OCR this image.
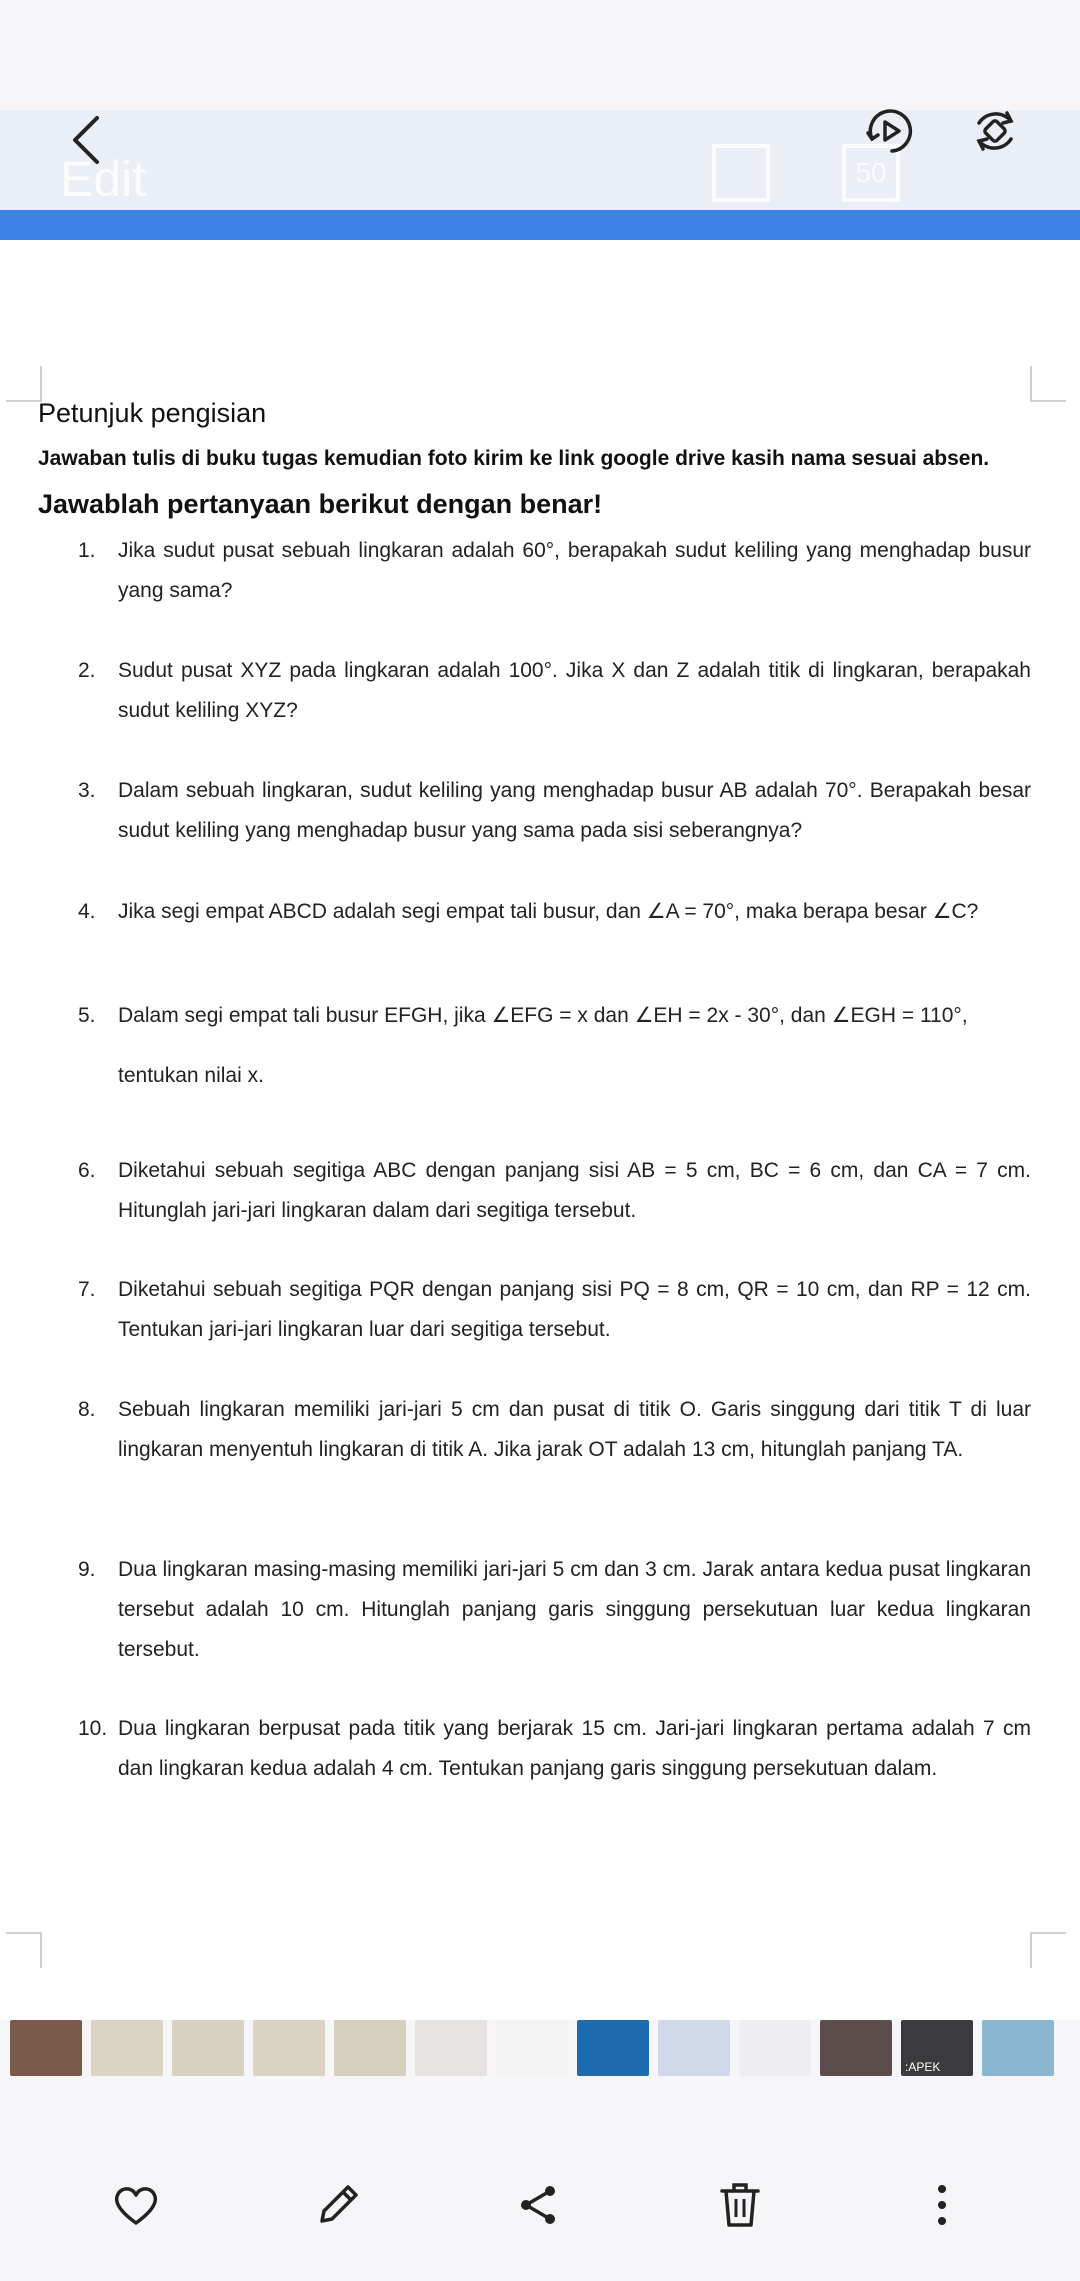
Edit	50
Petunjuk pengisian
Jawaban tulis di buku tugas kemudian foto kirim ke link google drive kasih nama sesuai absen.
Jawablah pertanyaan berikut dengan benar!
1. Jika sudut pusat sebuah lingkaran adalah 60°, berapakah sudut keliling yang menghadap busur yang sama?
2. Sudut pusat XYZ pada lingkaran adalah 100°. Jika X dan Z adalah titik di lingkaran, berapakah sudut keliling XYZ?
3. Dalam sebuah lingkaran, sudut keliling yang menghadap busur AB adalah 70°. Berapakah besar sudut keliling yang menghadap busur yang sama pada sisi seberangnya?
4. Jika segi empat ABCD adalah segi empat tali busur, dan ∠A = 70°, maka berapa besar ∠C?
5. Dalam segi empat tali busur EFGH, jika ∠EFG = x dan ∠EH = 2x - 30°, dan ∠EGH = 110°,
tentukan nilai x.
6. Diketahui sebuah segitiga ABC dengan panjang sisi AB = 5 cm, BC = 6 cm, dan CA = 7 cm. Hitunglah jari-jari lingkaran dalam dari segitiga tersebut.
7. Diketahui sebuah segitiga PQR dengan panjang sisi PQ = 8 cm, QR = 10 cm, dan RP = 12 cm. Tentukan jari-jari lingkaran luar dari segitiga tersebut.
8. Sebuah lingkaran memiliki jari-jari 5 cm dan pusat di titik O. Garis singgung dari titik T di luar lingkaran menyentuh lingkaran di titik A. Jika jarak OT adalah 13 cm, hitunglah panjang TA.
9. Dua lingkaran masing-masing memiliki jari-jari 5 cm dan 3 cm. Jarak antara kedua pusat lingkaran tersebut adalah 10 cm. Hitunglah panjang garis singgung persekutuan luar kedua lingkaran tersebut.
10. Dua lingkaran berpusat pada titik yang berjarak 15 cm. Jari-jari lingkaran pertama adalah 7 cm dan lingkaran kedua adalah 4 cm. Tentukan panjang garis singgung persekutuan dalam.
:APEK
